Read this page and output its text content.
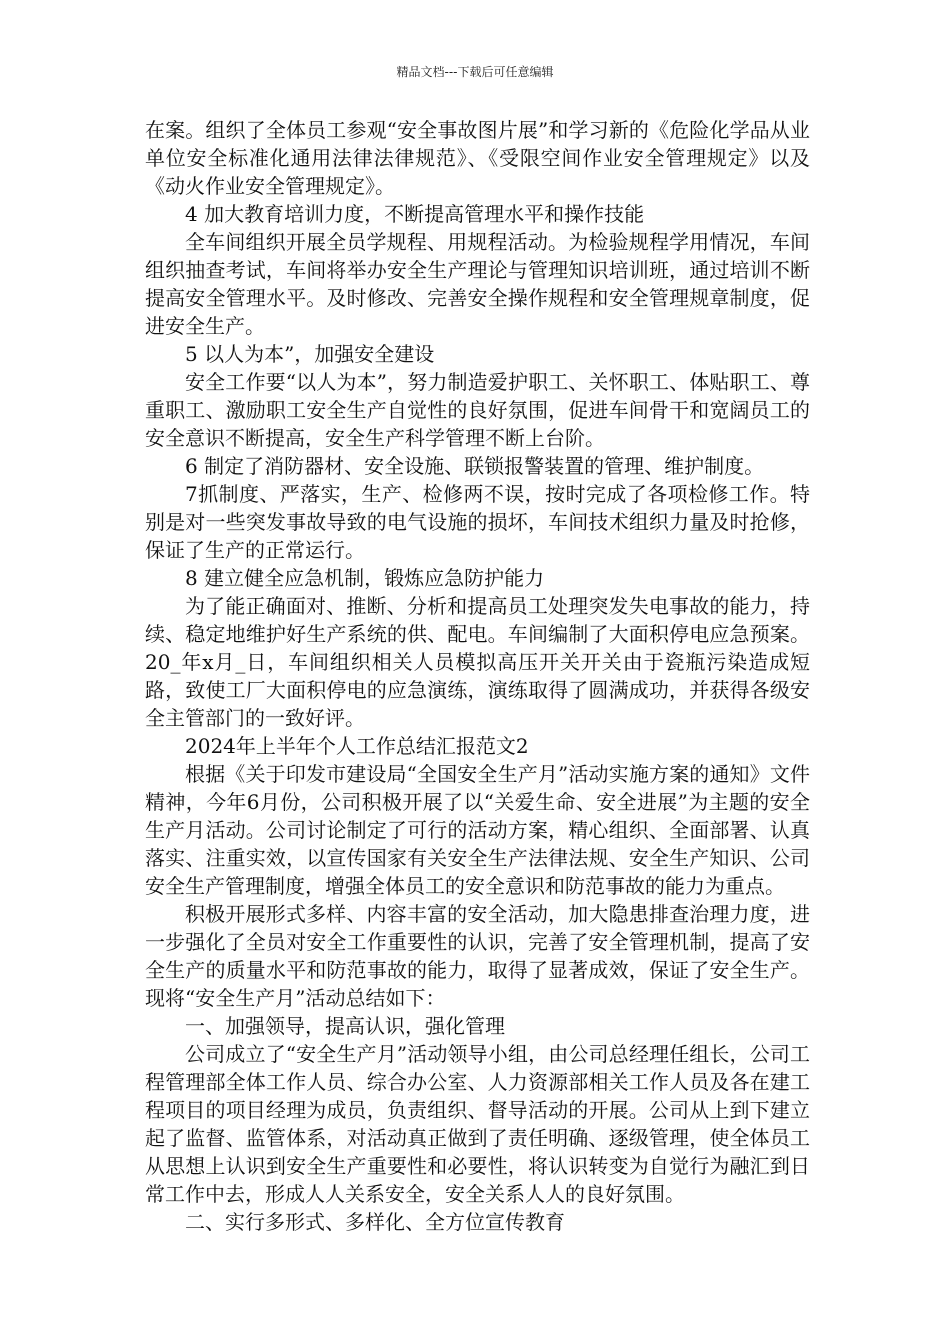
精品文档---下载后可任意编辑

在案。组织了全体员工参观“安全事故图片展”和学习新的《危险化学品从业单位安全标准化通用法律法律规范》、《受限空间作业安全管理规定》以及《动火作业安全管理规定》。

4 加大教育培训力度，不断提高管理水平和操作技能

全车间组织开展全员学规程、用规程活动。为检验规程学用情况，车间组织抽查考试，车间将举办安全生产理论与管理知识培训班，通过培训不断提高安全管理水平。及时修改、完善安全操作规程和安全管理规章制度，促进安全生产。

5 以人为本”，加强安全建设

安全工作要“以人为本”，努力制造爱护职工、关怀职工、体贴职工、尊重职工、激励职工安全生产自觉性的良好氛围，促进车间骨干和宽阔员工的安全意识不断提高，安全生产科学管理不断上台阶。

6 制定了消防器材、安全设施、联锁报警装置的管理、维护制度。

7抓制度、严落实，生产、检修两不误，按时完成了各项检修工作。特别是对一些突发事故导致的电气设施的损坏，车间技术组织力量及时抢修，保证了生产的正常运行。

8 建立健全应急机制，锻炼应急防护能力

为了能正确面对、推断、分析和提高员工处理突发失电事故的能力，持续、稳定地维护好生产系统的供、配电。车间编制了大面积停电应急预案。20_年x月_日，车间组织相关人员模拟高压开关开关由于瓷瓶污染造成短路，致使工厂大面积停电的应急演练，演练取得了圆满成功，并获得各级安全主管部门的一致好评。

2024年上半年个人工作总结汇报范文2

根据《关于印发市建设局“全国安全生产月”活动实施方案的通知》文件精神，今年6月份，公司积极开展了以“关爱生命、安全进展”为主题的安全生产月活动。公司讨论制定了可行的活动方案，精心组织、全面部署、认真落实、注重实效，以宣传国家有关安全生产法律法规、安全生产知识、公司安全生产管理制度，增强全体员工的安全意识和防范事故的能力为重点。

积极开展形式多样、内容丰富的安全活动，加大隐患排查治理力度，进一步强化了全员对安全工作重要性的认识，完善了安全管理机制，提高了安全生产的质量水平和防范事故的能力，取得了显著成效，保证了安全生产。现将“安全生产月”活动总结如下：

一、加强领导，提高认识，强化管理

公司成立了“安全生产月”活动领导小组，由公司总经理任组长，公司工程管理部全体工作人员、综合办公室、人力资源部相关工作人员及各在建工程项目的项目经理为成员，负责组织、督导活动的开展。公司从上到下建立起了监督、监管体系，对活动真正做到了责任明确、逐级管理，使全体员工从思想上认识到安全生产重要性和必要性，将认识转变为自觉行为融汇到日常工作中去，形成人人关系安全，安全关系人人的良好氛围。

二、实行多形式、多样化、全方位宣传教育
